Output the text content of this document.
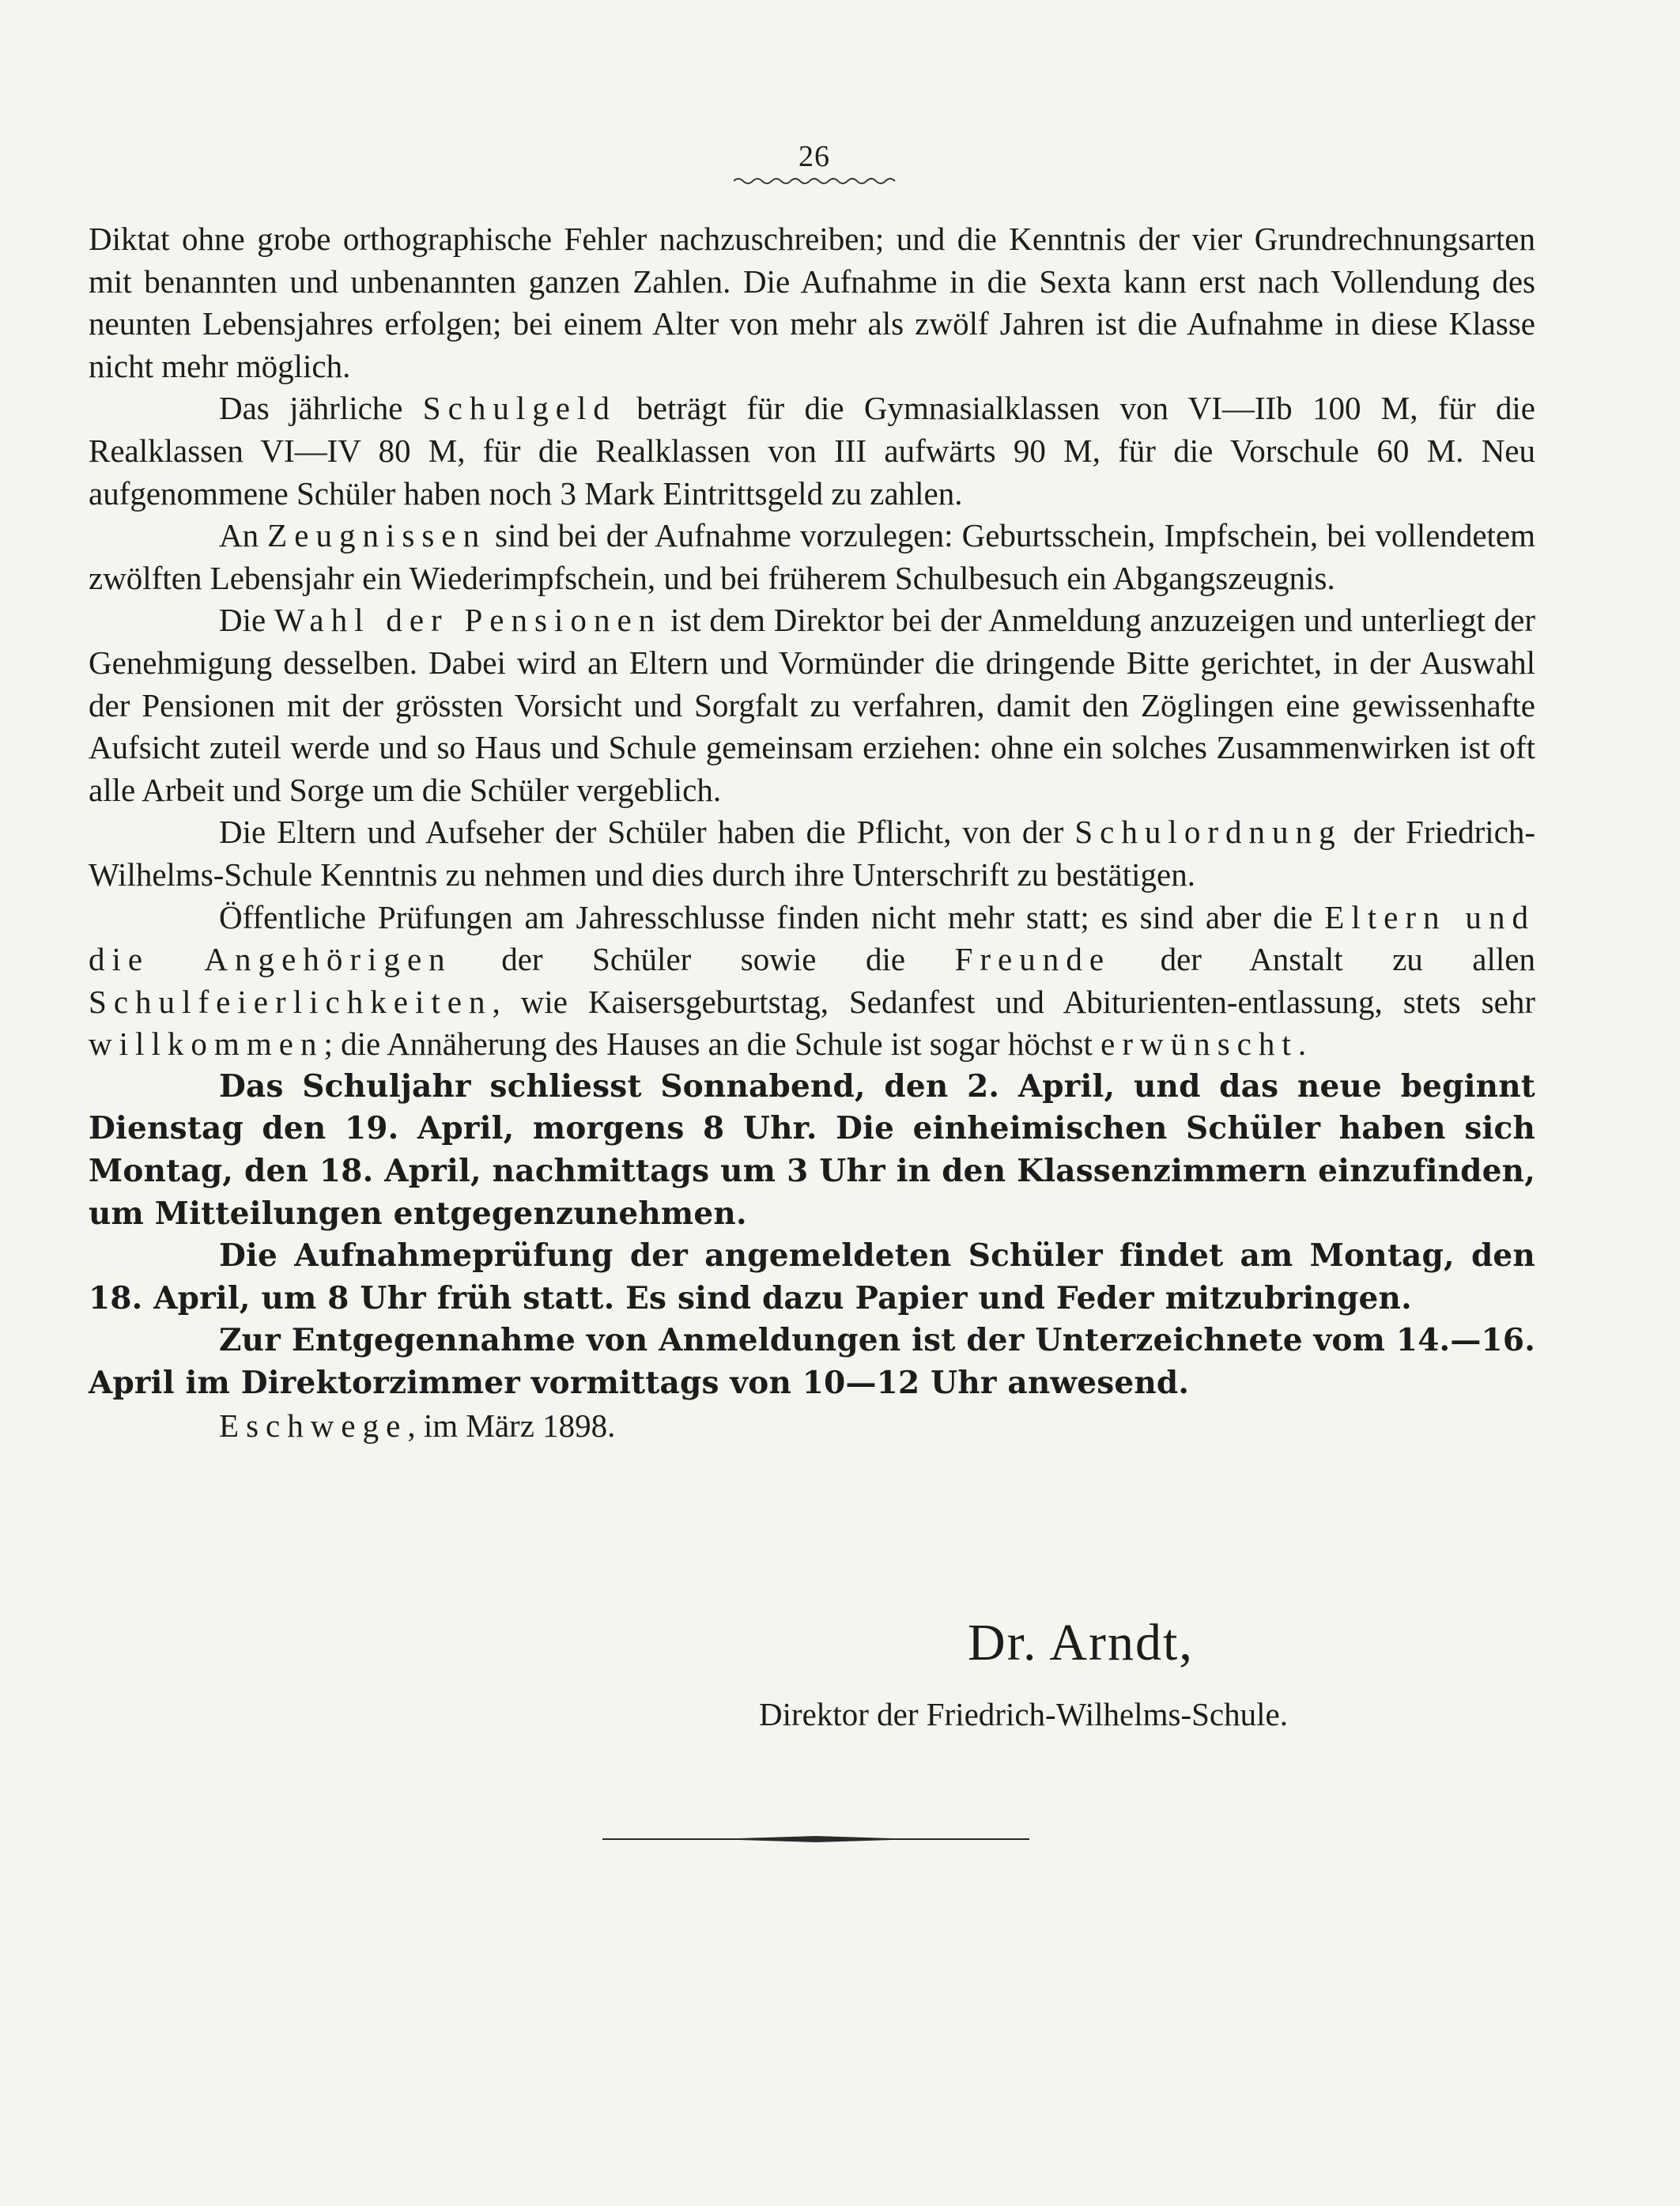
26

Diktat ohne grobe orthographische Fehler nachzuschreiben; und die Kenntnis der vier Grundrechnungsarten mit benannten und unbenannten ganzen Zahlen. Die Aufnahme in die Sexta kann erst nach Vollendung des neunten Lebensjahres erfolgen; bei einem Alter von mehr als zwölf Jahren ist die Aufnahme in diese Klasse nicht mehr möglich.

Das jährliche Schulgeld beträgt für die Gymnasialklassen von VI—IIb 100 M, für die Realklassen VI—IV 80 M, für die Realklassen von III aufwärts 90 M, für die Vorschule 60 M. Neu aufgenommene Schüler haben noch 3 Mark Eintrittsgeld zu zahlen.

An Zeugnissen sind bei der Aufnahme vorzulegen: Geburtsschein, Impfschein, bei vollendetem zwölften Lebensjahr ein Wiederimpfschein, und bei früherem Schulbesuch ein Abgangszeugnis.

Die Wahl der Pensionen ist dem Direktor bei der Anmeldung anzuzeigen und unterliegt der Genehmigung desselben. Dabei wird an Eltern und Vormünder die dringende Bitte gerichtet, in der Auswahl der Pensionen mit der grössten Vorsicht und Sorgfalt zu verfahren, damit den Zöglingen eine gewissenhafte Aufsicht zuteil werde und so Haus und Schule gemeinsam erziehen: ohne ein solches Zusammenwirken ist oft alle Arbeit und Sorge um die Schüler vergeblich.

Die Eltern und Aufseher der Schüler haben die Pflicht, von der Schulordnung der Friedrich-Wilhelms-Schule Kenntnis zu nehmen und dies durch ihre Unterschrift zu bestätigen.

Öffentliche Prüfungen am Jahresschlusse finden nicht mehr statt; es sind aber die Eltern und die Angehörigen der Schüler sowie die Freunde der Anstalt zu allen Schulfeierlichkeiten, wie Kaisersgeburtstag, Sedanfest und Abiturienten-entlassung, stets sehr willkommen; die Annäherung des Hauses an die Schule ist sogar höchst erwünscht.

Das Schuljahr schliesst Sonnabend, den 2. April, und das neue beginnt Dienstag den 19. April, morgens 8 Uhr. Die einheimischen Schüler haben sich Montag, den 18. April, nachmittags um 3 Uhr in den Klassenzimmern einzufinden, um Mitteilungen entgegenzunehmen.

Die Aufnahmeprüfung der angemeldeten Schüler findet am Montag, den 18. April, um 8 Uhr früh statt. Es sind dazu Papier und Feder mitzubringen.

Zur Entgegennahme von Anmeldungen ist der Unterzeichnete vom 14.—16. April im Direktorzimmer vormittags von 10—12 Uhr anwesend.

Eschwege, im März 1898.

Dr. Arndt,
Direktor der Friedrich-Wilhelms-Schule.
